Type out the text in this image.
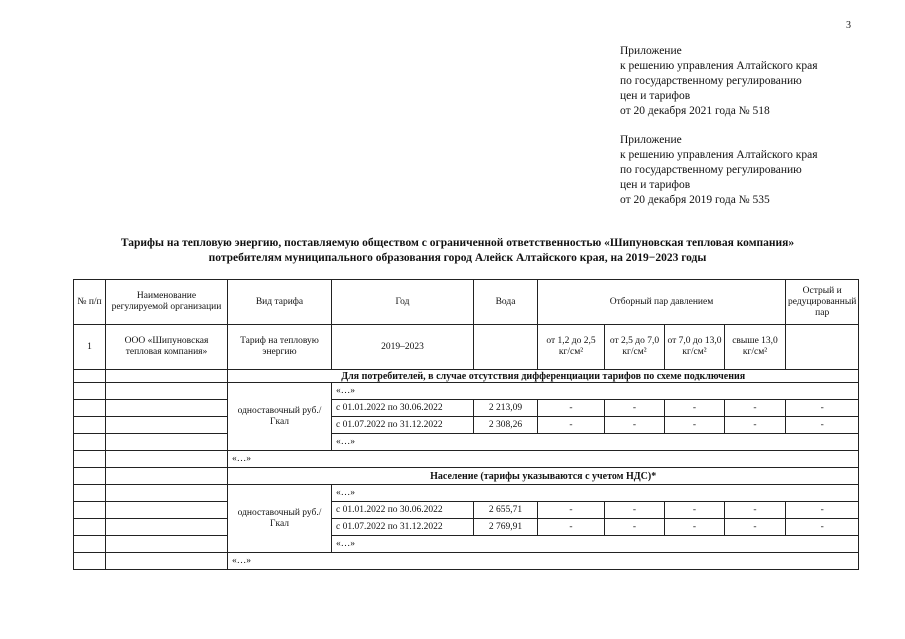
3
Приложение
к решению управления Алтайского края
по государственному регулированию
цен и тарифов
от 20 декабря 2021 года № 518
Приложение
к решению управления Алтайского края
по государственному регулированию
цен и тарифов
от 20 декабря 2019 года № 535
Тарифы на тепловую энергию, поставляемую обществом с ограниченной ответственностью «Шипуновская тепловая компания»
потребителям муниципального образования город Алейск Алтайского края, на 2019−2023 годы
№ п/п	Наименование регулируемой организации	Вид тарифа	Год	Вода	Отборный пар давлением				Острый и редуцированный пар
1	ООО «Шипуновская тепловая компания»	Тариф на тепловую энергию	2019–2023		от 1,2 до 2,5 кг/см²	от 2,5 до 7,0 кг/см²	от 7,0 до 13,0 кг/см²	свыше 13,0 кг/см²	
		Для потребителей, в случае отсутствия дифференциации тарифов по схеме подключения							
		одноставочный руб./Гкал	«…»						
			с 01.01.2022 по 30.06.2022	2 213,09	-	-	-	-	-
			с 01.07.2022 по 31.12.2022	2 308,26	-	-	-	-	-
			«…»						
		«…»							
		Население (тарифы указываются с учетом НДС)*							
		одноставочный руб./Гкал	«…»						
			с 01.01.2022 по 30.06.2022	2 655,71	-	-	-	-	-
			с 01.07.2022 по 31.12.2022	2 769,91	-	-	-	-	-
			«…»						
		«…»							
